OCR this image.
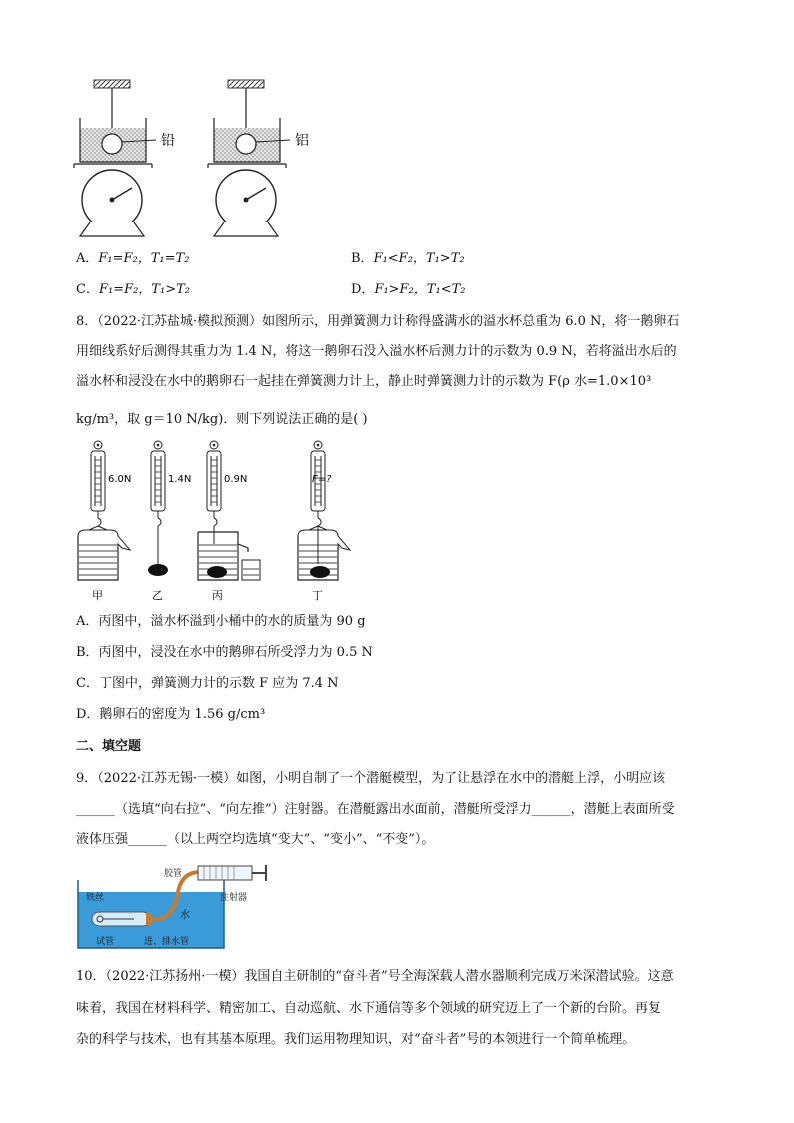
铅	铝
A．F₁=F₂，T₁=T₂	B．F₁<F₂，T₁>T₂
C．F₁=F₂，T₁>T₂	D．F₁>F₂，T₁<T₂
8．（2022·江苏盐城·模拟预测）如图所示，用弹簧测力计称得盛满水的溢水杯总重为 6.0 N，将一鹅卵石
用细线系好后测得其重力为 1.4 N，将这一鹅卵石没入溢水杯后测力计的示数为 0.9 N，若将溢出水后的
溢水杯和浸没在水中的鹅卵石一起挂在弹簧测力计上，静止时弹簧测力计的示数为 F(ρ 水=1.0×10³
kg/m³，取 g＝10 N/kg)．则下列说法正确的是( )
6.0N	1.4N	0.9N	F=?
甲	乙	丙	丁
A．丙图中，溢水杯溢到小桶中的水的质量为 90 g
B．丙图中，浸没在水中的鹅卵石所受浮力为 0.5 N
C．丁图中，弹簧测力计的示数 F 应为 7.4 N
D．鹅卵石的密度为 1.56 g/cm³
二、填空题
9．（2022·江苏无锡·一模）如图，小明自制了一个潜艇模型，为了让悬浮在水中的潜艇上浮，小明应该
______（选填“向右拉”、“向左推”）注射器。在潜艇露出水面前，潜艇所受浮力______，潜艇上表面所受
液体压强______（以上两空均选填“变大”、“变小”、“不变”）。
铁丝
胶管
注射器
水
试管	进、排水管
10．（2022·江苏扬州·一模）我国自主研制的“奋斗者”号全海深载人潜水器顺利完成万米深潜试验。这意
味着，我国在材料科学、精密加工、自动巡航、水下通信等多个领域的研究迈上了一个新的台阶。再复
杂的科学与技术，也有其基本原理。我们运用物理知识，对“奋斗者”号的本领进行一个简单梳理。
